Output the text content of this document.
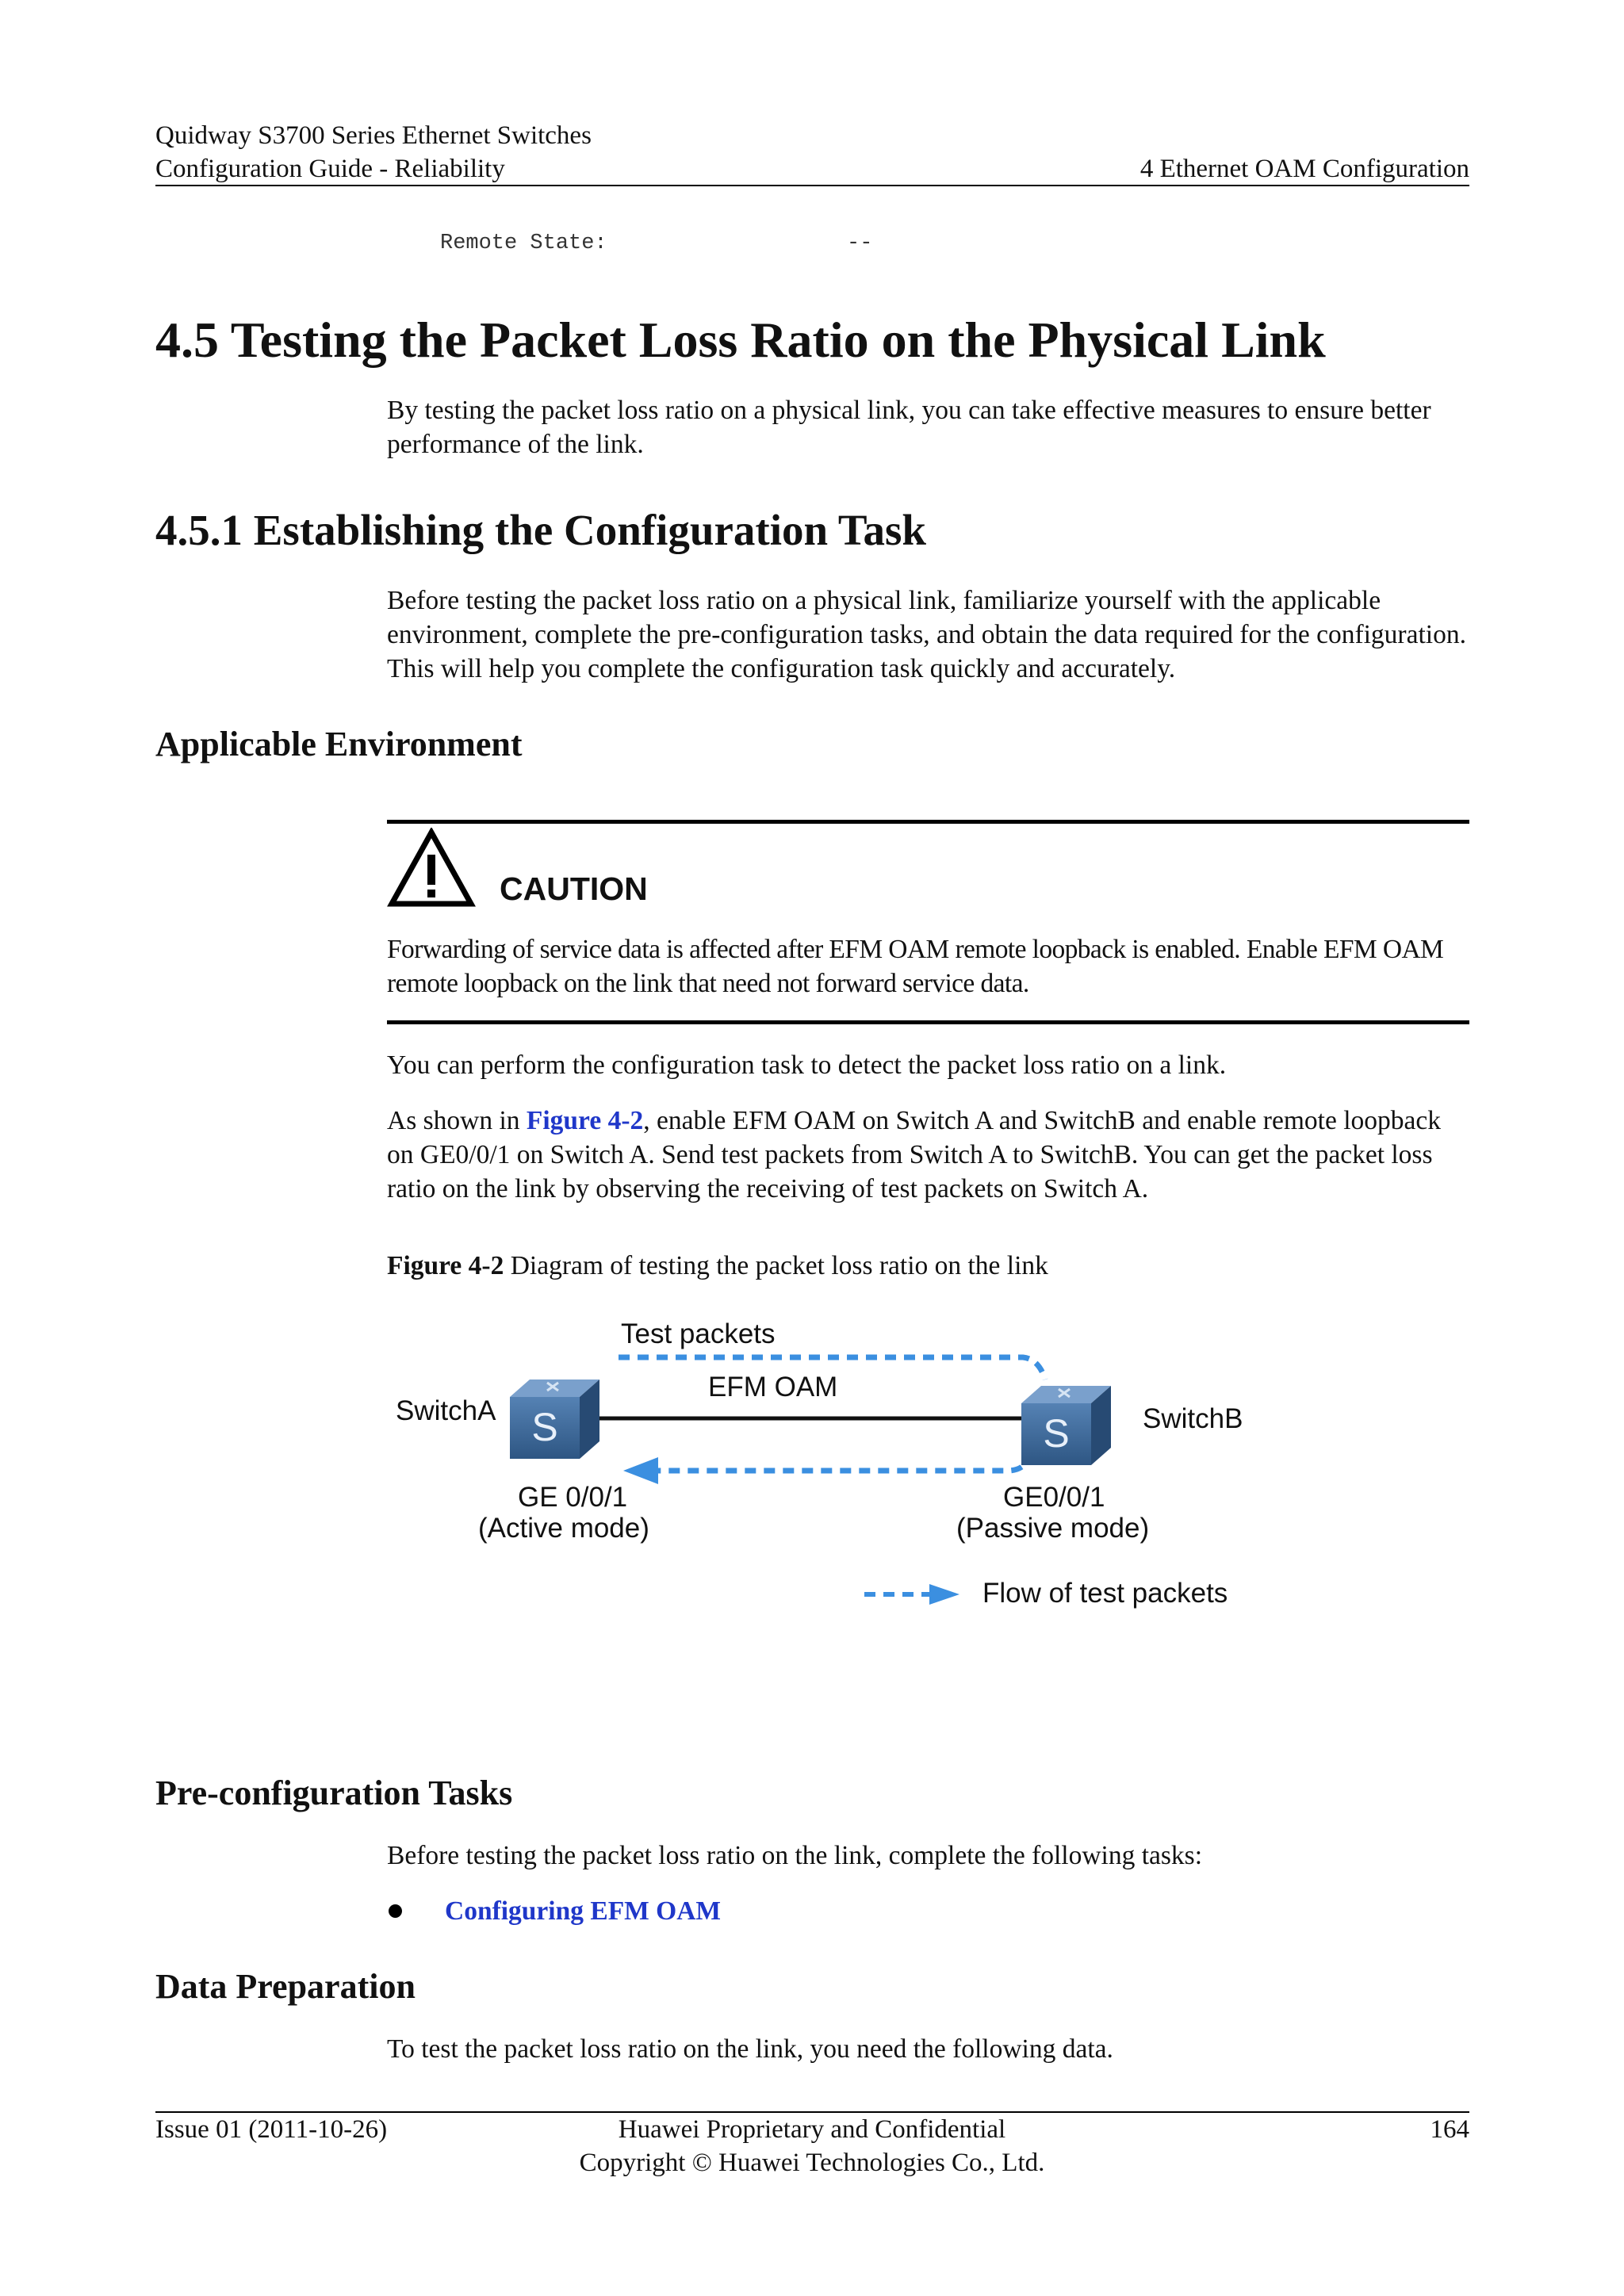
Quidway S3700 Series Ethernet Switches
Configuration Guide - Reliability	4 Ethernet OAM Configuration
Remote State:	--
4.5 Testing the Packet Loss Ratio on the Physical Link
By testing the packet loss ratio on a physical link, you can take effective measures to ensure better performance of the link.
4.5.1 Establishing the Configuration Task
Before testing the packet loss ratio on a physical link, familiarize yourself with the applicable environment, complete the pre-configuration tasks, and obtain the data required for the configuration. This will help you complete the configuration task quickly and accurately.
Applicable Environment
CAUTION
Forwarding of service data is affected after EFM OAM remote loopback is enabled. Enable EFM OAM remote loopback on the link that need not forward service data.
You can perform the configuration task to detect the packet loss ratio on a link.
As shown in Figure 4-2, enable EFM OAM on Switch A and SwitchB and enable remote loopback on GE0/0/1 on Switch A. Send test packets from Switch A to SwitchB. You can get the packet loss ratio on the link by observing the receiving of test packets on Switch A.
Figure 4-2 Diagram of testing the packet loss ratio on the link
S	S
Test packets
EFM OAM
SwitchA	SwitchB
GE 0/0/1
(Active mode)
GE0/0/1
(Passive mode)
Flow of test packets
Pre-configuration Tasks
Before testing the packet loss ratio on the link, complete the following tasks:
Configuring EFM OAM
Data Preparation
To test the packet loss ratio on the link, you need the following data.
Issue 01 (2011-10-26)	Huawei Proprietary and Confidential
Copyright © Huawei Technologies Co., Ltd.
164
